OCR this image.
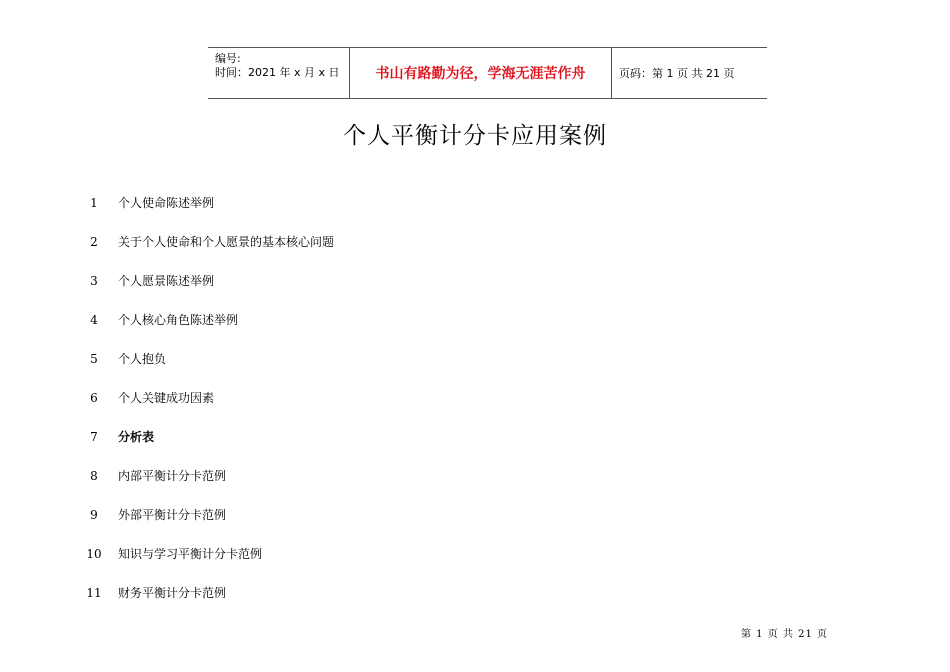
编号:
时间：2021 年 x 月 x 日	书山有路勤为径，学海无涯苦作舟	页码：第 1 页 共 21 页
个人平衡计分卡应用案例
1	个人使命陈述举例
2	关于个人使命和个人愿景的基本核心问题
3	个人愿景陈述举例
4	个人核心角色陈述举例
5	个人抱负
6	个人关键成功因素
7	分析表
8	内部平衡计分卡范例
9	外部平衡计分卡范例
10	知识与学习平衡计分卡范例
11	财务平衡计分卡范例
第 1 页 共 21 页
